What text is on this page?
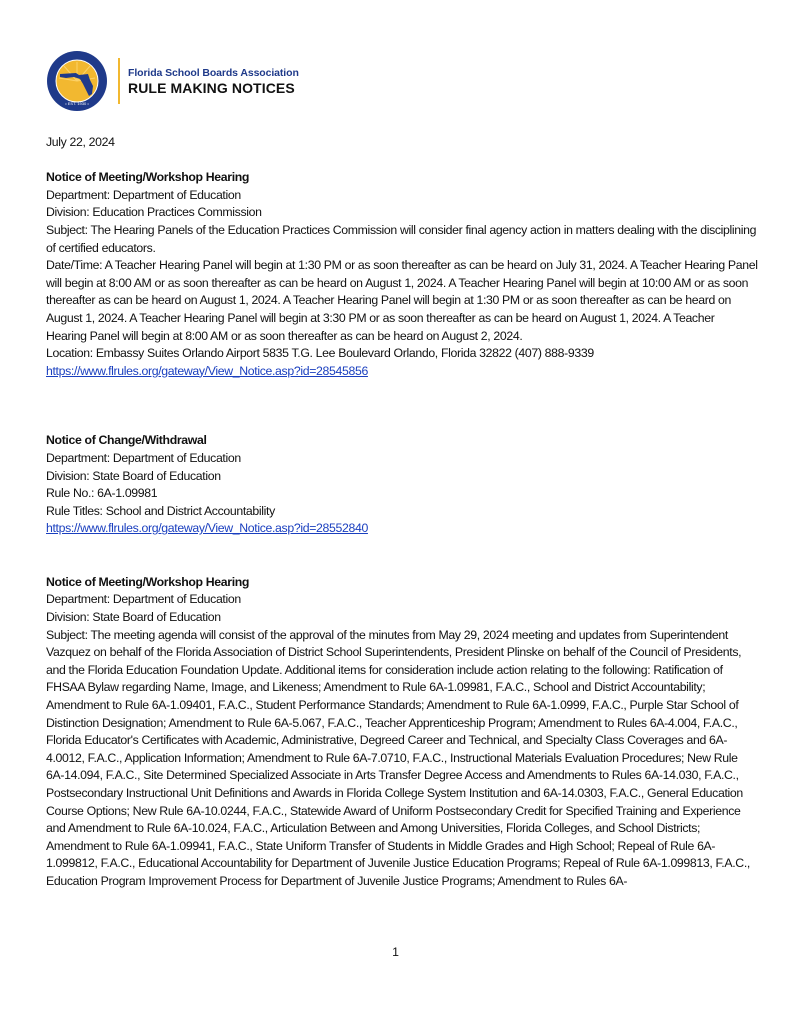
• EST. 1930 •
Florida School Boards Association
RULE MAKING NOTICES
July 22, 2024
Notice of Meeting/Workshop Hearing
Department: Department of Education
Division: Education Practices Commission
Subject: The Hearing Panels of the Education Practices Commission will consider final agency action in matters dealing with the disciplining of certified educators.
Date/Time: A Teacher Hearing Panel will begin at 1:30 PM or as soon thereafter as can be heard on July 31, 2024. A Teacher Hearing Panel will begin at 8:00 AM or as soon thereafter as can be heard on August 1, 2024. A Teacher Hearing Panel will begin at 10:00 AM or as soon thereafter as can be heard on August 1, 2024. A Teacher Hearing Panel will begin at 1:30 PM or as soon thereafter as can be heard on August 1, 2024. A Teacher Hearing Panel will begin at 3:30 PM or as soon thereafter as can be heard on August 1, 2024. A Teacher Hearing Panel will begin at 8:00 AM or as soon thereafter as can be heard on August 2, 2024.
Location: Embassy Suites Orlando Airport 5835 T.G. Lee Boulevard Orlando, Florida 32822 (407) 888-9339
https://www.flrules.org/gateway/View_Notice.asp?id=28545856
Notice of Change/Withdrawal
Department: Department of Education
Division: State Board of Education
Rule No.: 6A-1.09981
Rule Titles: School and District Accountability
https://www.flrules.org/gateway/View_Notice.asp?id=28552840
Notice of Meeting/Workshop Hearing
Department: Department of Education
Division: State Board of Education
Subject: The meeting agenda will consist of the approval of the minutes from May 29, 2024 meeting and updates from Superintendent Vazquez on behalf of the Florida Association of District School Superintendents, President Plinske on behalf of the Council of Presidents, and the Florida Education Foundation Update. Additional items for consideration include action relating to the following: Ratification of FHSAA Bylaw regarding Name, Image, and Likeness; Amendment to Rule 6A-1.09981, F.A.C., School and District Accountability; Amendment to Rule 6A-1.09401, F.A.C., Student Performance Standards; Amendment to Rule 6A-1.0999, F.A.C., Purple Star School of Distinction Designation; Amendment to Rule 6A-5.067, F.A.C., Teacher Apprenticeship Program; Amendment to Rules 6A-4.004, F.A.C., Florida Educator's Certificates with Academic, Administrative, Degreed Career and Technical, and Specialty Class Coverages and 6A-4.0012, F.A.C., Application Information; Amendment to Rule 6A-7.0710, F.A.C., Instructional Materials Evaluation Procedures; New Rule 6A-14.094, F.A.C., Site Determined Specialized Associate in Arts Transfer Degree Access and Amendments to Rules 6A-14.030, F.A.C., Postsecondary Instructional Unit Definitions and Awards in Florida College System Institution and 6A-14.0303, F.A.C., General Education Course Options; New Rule 6A-10.0244, F.A.C., Statewide Award of Uniform Postsecondary Credit for Specified Training and Experience and Amendment to Rule 6A-10.024, F.A.C., Articulation Between and Among Universities, Florida Colleges, and School Districts; Amendment to Rule 6A-1.09941, F.A.C., State Uniform Transfer of Students in Middle Grades and High School; Repeal of Rule 6A-1.099812, F.A.C., Educational Accountability for Department of Juvenile Justice Education Programs; Repeal of Rule 6A-1.099813, F.A.C., Education Program Improvement Process for Department of Juvenile Justice Programs; Amendment to Rules 6A-
1
